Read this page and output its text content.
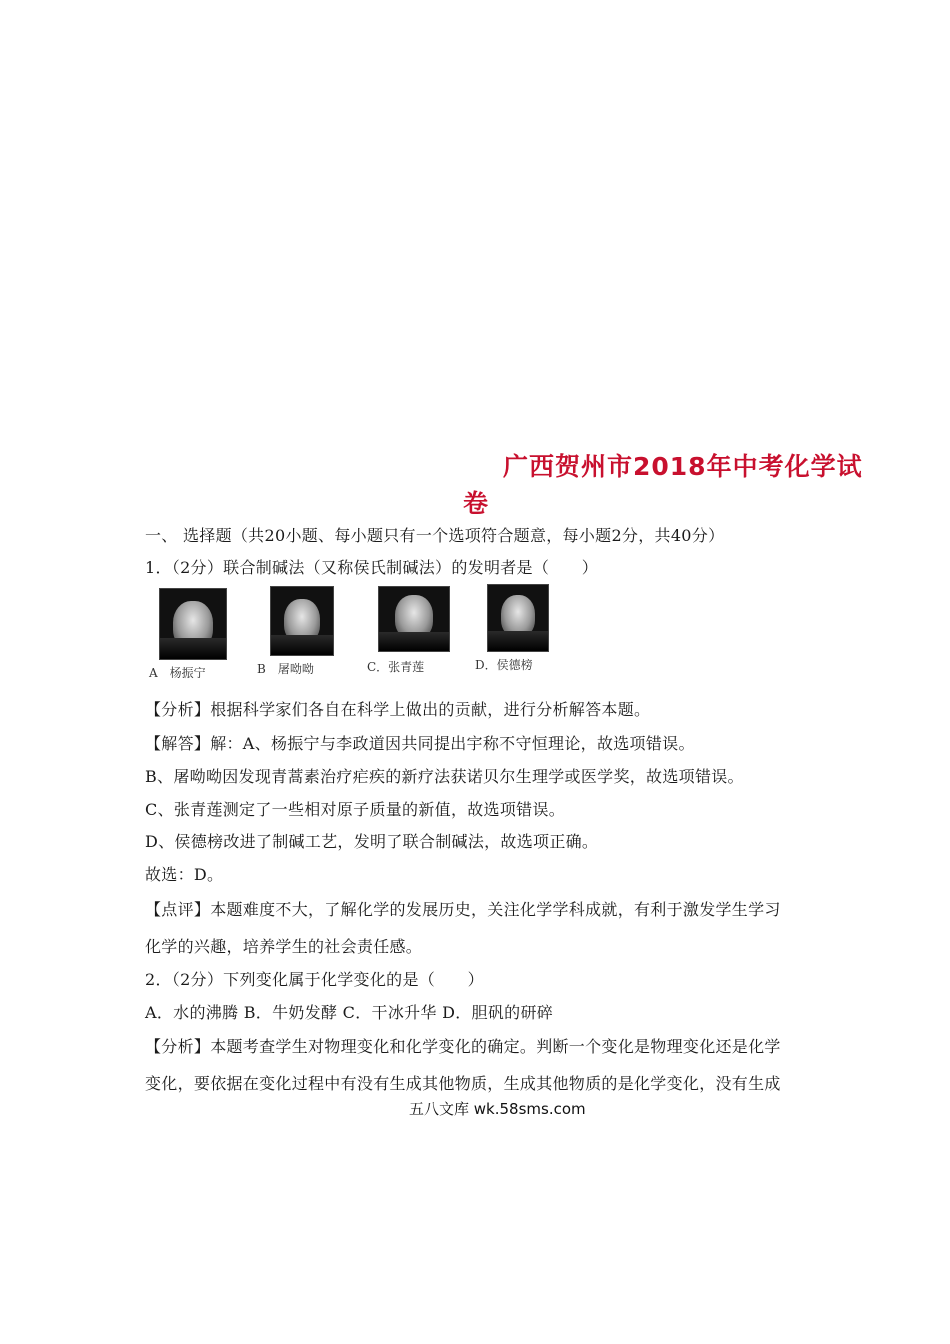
广西贺州市2018年中考化学试
卷
一、 选择题（共20小题、每小题只有一个选项符合题意，每小题2分，共40分）
1．（2分）联合制碱法（又称侯氏制碱法）的发明者是（　　）
A　杨振宁	B　屠呦呦	C．张青莲	D．侯德榜
【分析】根据科学家们各自在科学上做出的贡献，进行分析解答本题。
【解答】解：A、杨振宁与李政道因共同提出宇称不守恒理论，故选项错误。
B、屠呦呦因发现青蒿素治疗疟疾的新疗法获诺贝尔生理学或医学奖，故选项错误。
C、张青莲测定了一些相对原子质量的新值，故选项错误。
D、侯德榜改进了制碱工艺，发明了联合制碱法，故选项正确。
故选：D。
【点评】本题难度不大，了解化学的发展历史，关注化学学科成就，有利于激发学生学习
化学的兴趣，培养学生的社会责任感。
2．（2分）下列变化属于化学变化的是（　　）
A．水的沸腾 B．牛奶发酵 C．干冰升华 D．胆矾的研碎
【分析】本题考查学生对物理变化和化学变化的确定。判断一个变化是物理变化还是化学
变化，要依据在变化过程中有没有生成其他物质，生成其他物质的是化学变化，没有生成
五八文库 wk.58sms.com
